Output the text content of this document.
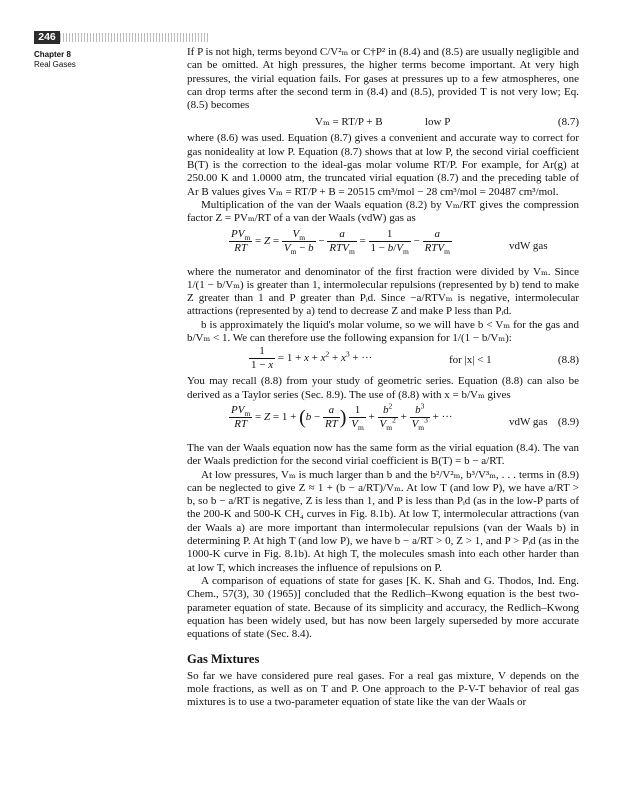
246
Chapter 8
Real Gases

If P is not high, terms beyond C/V²ₘ or C†P² in (8.4) and (8.5) are usually negligible and can be omitted. At high pressures, the higher terms become important. At very high pressures, the virial equation fails. For gases at pressures up to a few atmospheres, one can drop terms after the second term in (8.4) and (8.5), provided T is not very low; Eq. (8.5) becomes

Vₘ = RT/P + B	low P	(8.7)

where (8.6) was used. Equation (8.7) gives a convenient and accurate way to correct for gas nonideality at low P. Equation (8.7) shows that at low P, the second virial coefficient B(T) is the correction to the ideal-gas molar volume RT/P. For example, for Ar(g) at 250.00 K and 1.0000 atm, the truncated virial equation (8.7) and the preceding table of Ar B values gives Vₘ = RT/P + B = 20515 cm³/mol − 28 cm³/mol = 20487 cm³/mol.

Multiplication of the van der Waals equation (8.2) by Vₘ/RT gives the compression factor Z = PVₘ/RT of a van der Waals (vdW) gas as

$\frac{PV_m}{RT} = Z = \frac{V_m}{V_m - b} - \frac{a}{RTV_m} = \frac{1}{1 - b/V_m} - \frac{a}{RTV_m}$	vdW gas

where the numerator and denominator of the first fraction were divided by Vₘ. Since 1/(1 − b/Vₘ) is greater than 1, intermolecular repulsions (represented by b) tend to make Z greater than 1 and P greater than Pᵢd. Since −a/RTVₘ is negative, intermolecular attractions (represented by a) tend to decrease Z and make P less than Pᵢd.

b is approximately the liquid's molar volume, so we will have b < Vₘ for the gas and b/Vₘ < 1. We can therefore use the following expansion for 1/(1 − b/Vₘ):

$\frac{1}{1 - x} = 1 + x + x^2 + x^3$ + ···	for |x| < 1	(8.8)

You may recall (8.8) from your study of geometric series. Equation (8.8) can also be derived as a Taylor series (Sec. 8.9). The use of (8.8) with x = b/Vₘ gives

$\frac{PV_m}{RT} = Z = 1 + (b - \frac{a}{RT}$ ) $\frac{1}{V_m} + \frac{b^2}{V_m^2} + \frac{b^3}{V_m^3}$ + ···	vdW gas (8.9)

The van der Waals equation now has the same form as the virial equation (8.4). The van der Waals prediction for the second virial coefficient is B(T) = b − a/RT.

At low pressures, Vₘ is much larger than b and the b²/V²ₘ, b³/V³ₘ, . . . terms in (8.9) can be neglected to give Z ≈ 1 + (b − a/RT)/Vₘ. At low T (and low P), we have a/RT > b, so b − a/RT is negative, Z is less than 1, and P is less than Pᵢd (as in the low-P parts of the 200-K and 500-K CH₄ curves in Fig. 8.1b). At low T, intermolecular attractions (van der Waals a) are more important than intermolecular repulsions (van der Waals b) in determining P. At high T (and low P), we have b − a/RT > 0, Z > 1, and P > Pᵢd (as in the 1000-K curve in Fig. 8.1b). At high T, the molecules smash into each other harder than at low T, which increases the influence of repulsions on P.

A comparison of equations of state for gases [K. K. Shah and G. Thodos, Ind. Eng. Chem., 57(3), 30 (1965)] concluded that the Redlich–Kwong equation is the best two-parameter equation of state. Because of its simplicity and accuracy, the Redlich–Kwong equation has been widely used, but has now been largely superseded by more accurate equations of state (Sec. 8.4).

Gas Mixtures

So far we have considered pure real gases. For a real gas mixture, V depends on the mole fractions, as well as on T and P. One approach to the P-V-T behavior of real gas mixtures is to use a two-parameter equation of state like the van der Waals or
